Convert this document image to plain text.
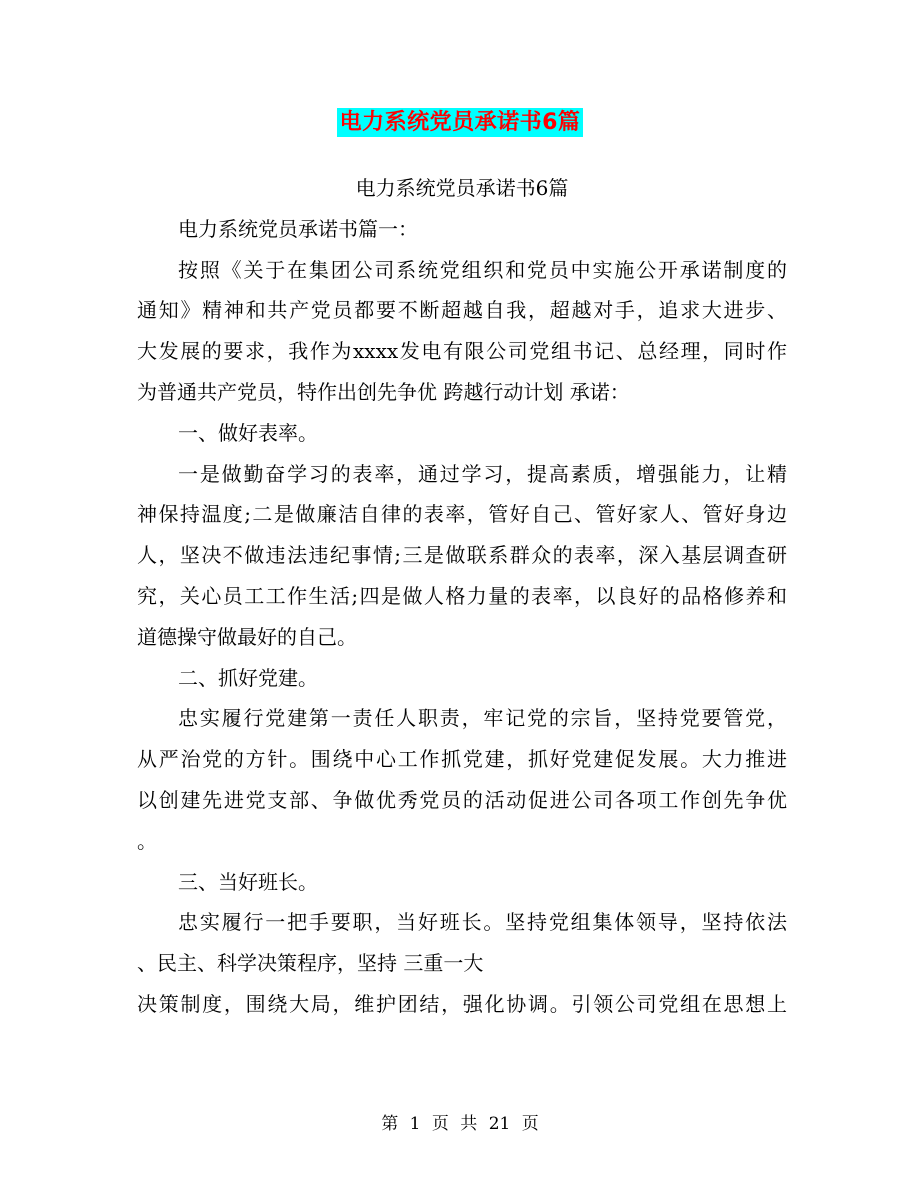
电力系统党员承诺书6篇
电力系统党员承诺书6篇
电力系统党员承诺书篇一：
按照《关于在集团公司系统党组织和党员中实施公开承诺制度的
通知》精神和共产党员都要不断超越自我，超越对手，追求大进步、
大发展的要求，我作为xxxx发电有限公司党组书记、总经理，同时作
为普通共产党员，特作出创先争优 跨越行动计划 承诺：
一、做好表率。
一是做勤奋学习的表率，通过学习，提高素质，增强能力，让精
神保持温度;二是做廉洁自律的表率，管好自己、管好家人、管好身边
人，坚决不做违法违纪事情;三是做联系群众的表率，深入基层调查研
究，关心员工工作生活;四是做人格力量的表率，以良好的品格修养和
道德操守做最好的自己。
二、抓好党建。
忠实履行党建第一责任人职责，牢记党的宗旨，坚持党要管党，
从严治党的方针。围绕中心工作抓党建，抓好党建促发展。大力推进
以创建先进党支部、争做优秀党员的活动促进公司各项工作创先争优
。
三、当好班长。
忠实履行一把手要职，当好班长。坚持党组集体领导，坚持依法
、民主、科学决策程序，坚持 三重一大
决策制度，围绕大局，维护团结，强化协调。引领公司党组在思想上
第 1 页 共 21 页
